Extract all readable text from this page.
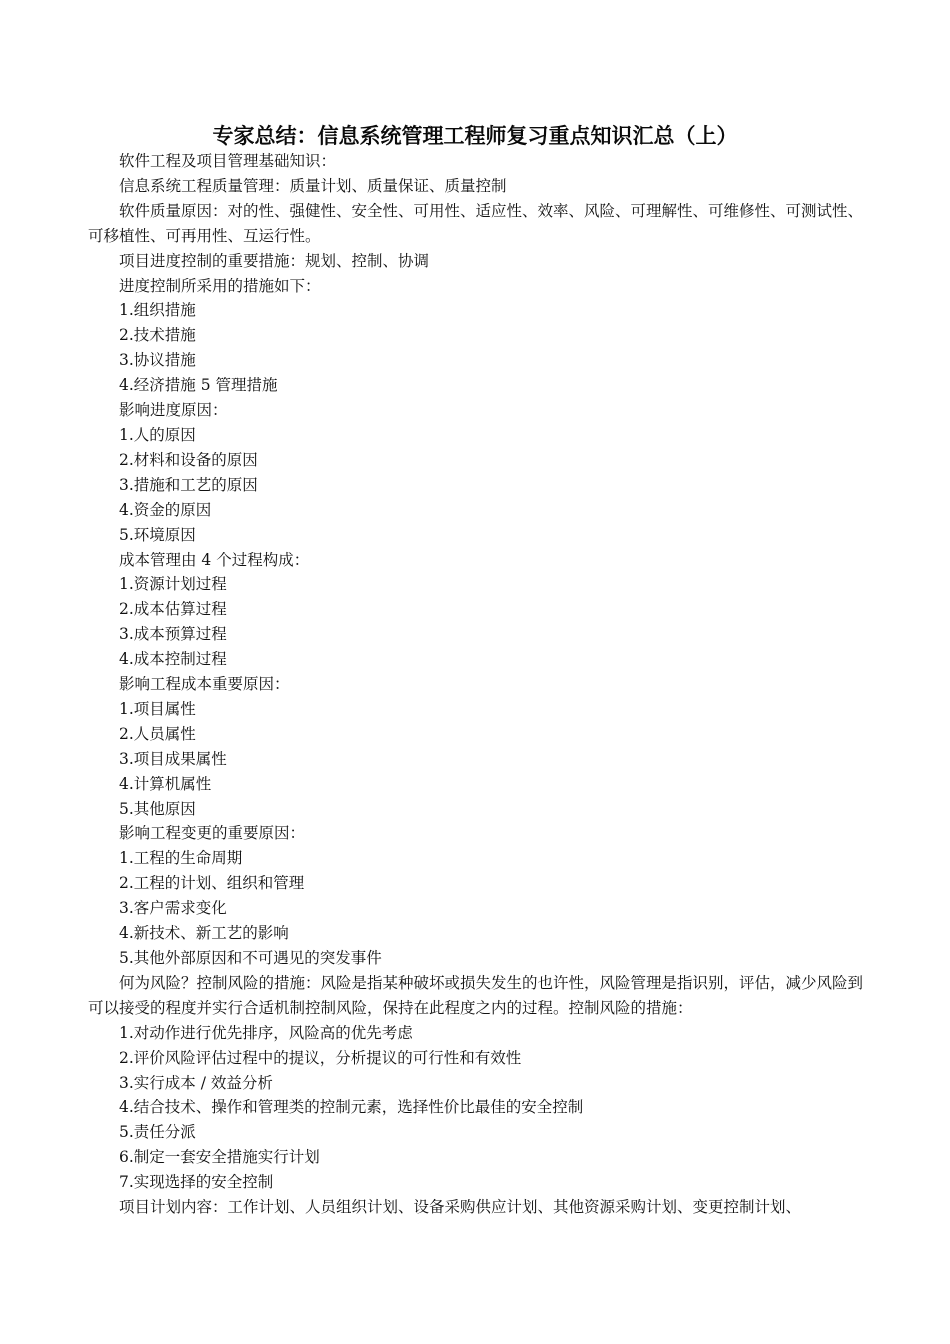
专家总结：信息系统管理工程师复习重点知识汇总（上）
软件工程及项目管理基础知识：
信息系统工程质量管理：质量计划、质量保证、质量控制
软件质量原因：对的性、强健性、安全性、可用性、适应性、效率、风险、可理解性、可维修性、可测试性、可移植性、可再用性、互运行性。
项目进度控制的重要措施：规划、控制、协调
进度控制所采用的措施如下：
1.组织措施
2.技术措施
3.协议措施
4.经济措施 5 管理措施
影响进度原因：
1.人的原因
2.材料和设备的原因
3.措施和工艺的原因
4.资金的原因
5.环境原因
成本管理由 4 个过程构成：
1.资源计划过程
2.成本估算过程
3.成本预算过程
4.成本控制过程
影响工程成本重要原因：
1.项目属性
2.人员属性
3.项目成果属性
4.计算机属性
5.其他原因
影响工程变更的重要原因：
1.工程的生命周期
2.工程的计划、组织和管理
3.客户需求变化
4.新技术、新工艺的影响
5.其他外部原因和不可遇见的突发事件
何为风险？控制风险的措施：风险是指某种破坏或损失发生的也许性，风险管理是指识别，评估，减少风险到可以接受的程度并实行合适机制控制风险，保持在此程度之内的过程。控制风险的措施：
1.对动作进行优先排序，风险高的优先考虑
2.评价风险评估过程中的提议，分析提议的可行性和有效性
3.实行成本 / 效益分析
4.结合技术、操作和管理类的控制元素，选择性价比最佳的安全控制
5.责任分派
6.制定一套安全措施实行计划
7.实现选择的安全控制
项目计划内容：工作计划、人员组织计划、设备采购供应计划、其他资源采购计划、变更控制计划、
